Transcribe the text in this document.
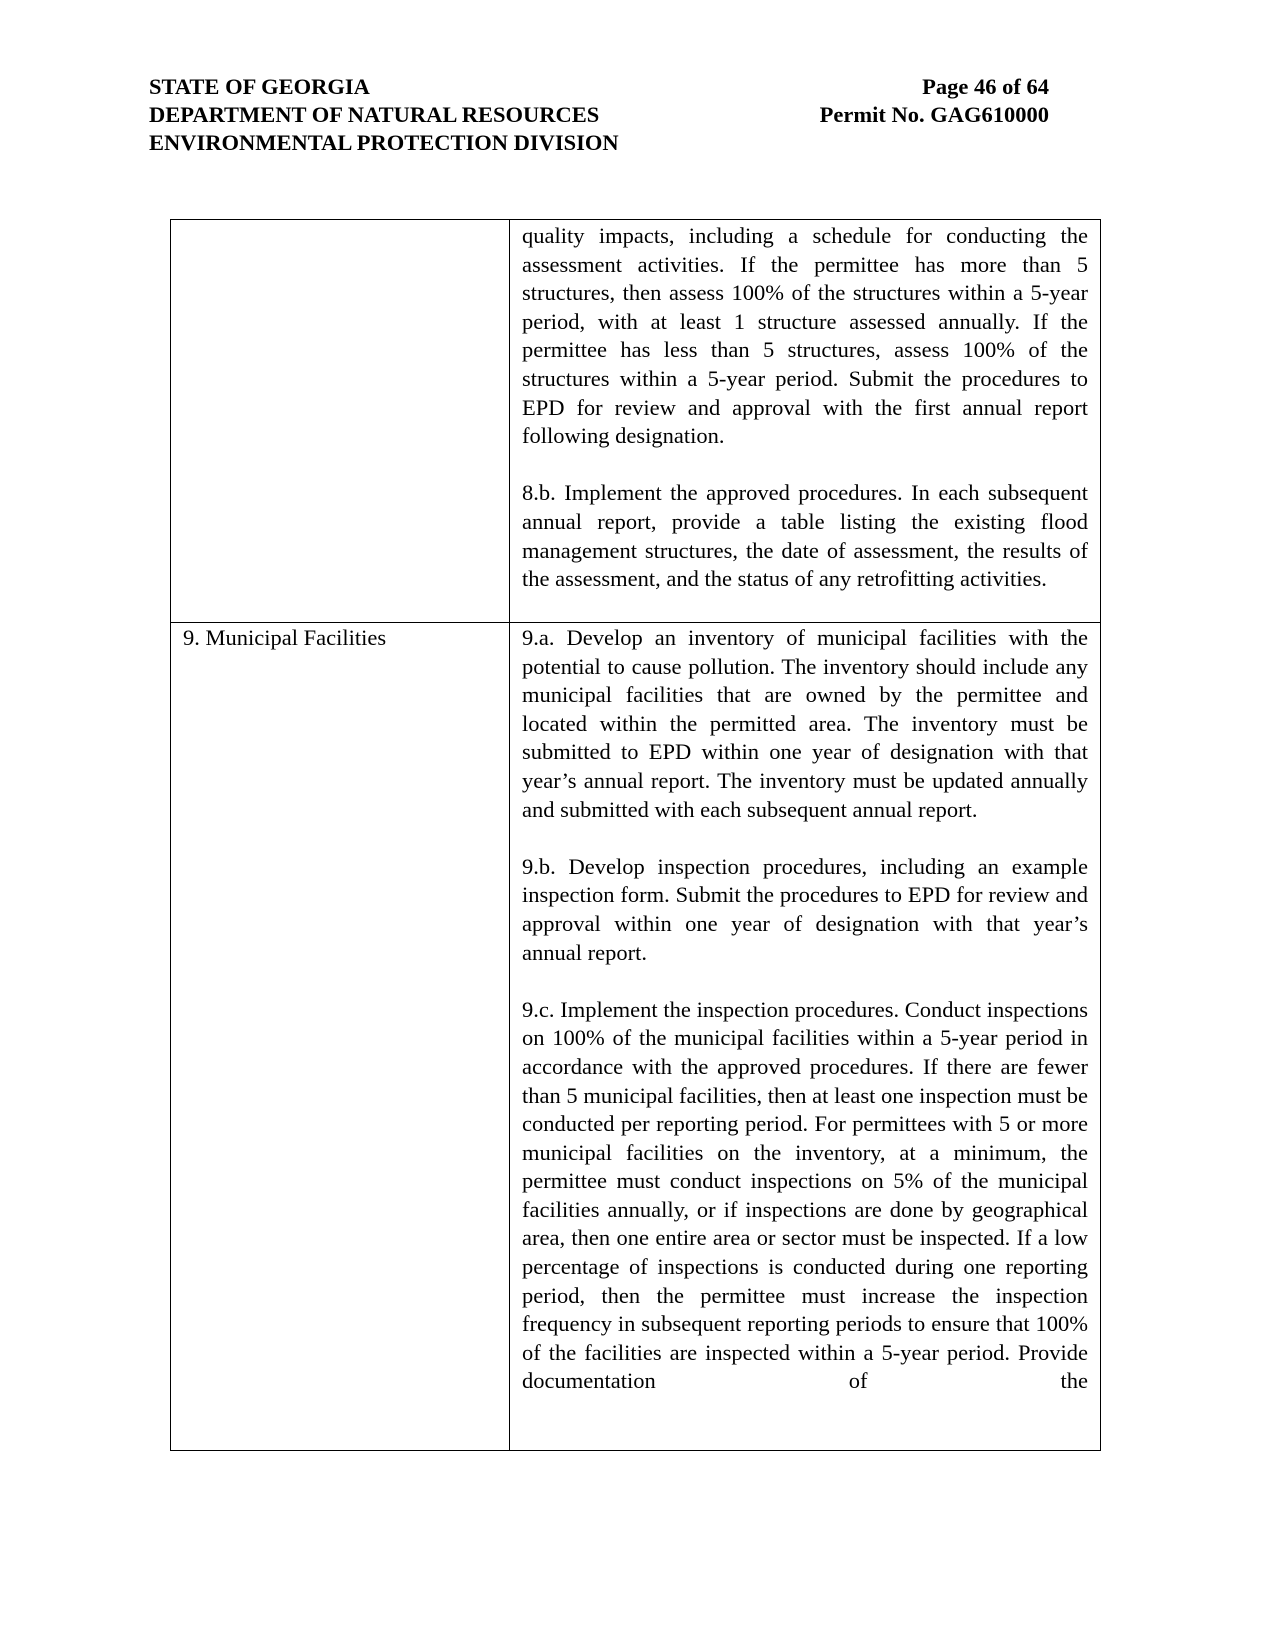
STATE OF GEORGIA
DEPARTMENT OF NATURAL RESOURCES
ENVIRONMENTAL PROTECTION DIVISION
Page 46 of 64
Permit No. GAG610000

	quality impacts, including a schedule for conducting the assessment activities. If the permittee has more than 5 structures, then assess 100% of the structures within a 5-year period, with at least 1 structure assessed annually. If the permittee has less than 5 structures, assess 100% of the structures within a 5-year period. Submit the procedures to EPD for review and approval with the first annual report following designation.
8.b. Implement the approved procedures. In each subsequent annual report, provide a table listing the existing flood management structures, the date of assessment, the results of the assessment, and the status of any retrofitting activities.

9. Municipal Facilities	9.a. Develop an inventory of municipal facilities with the potential to cause pollution. The inventory should include any municipal facilities that are owned by the permittee and located within the permitted area. The inventory must be submitted to EPD within one year of designation with that year’s annual report. The inventory must be updated annually and submitted with each subsequent annual report.
9.b. Develop inspection procedures, including an example inspection form. Submit the procedures to EPD for review and approval within one year of designation with that year’s annual report.
9.c. Implement the inspection procedures. Conduct inspections on 100% of the municipal facilities within a 5-year period in accordance with the approved procedures. If there are fewer than 5 municipal facilities, then at least one inspection must be conducted per reporting period. For permittees with 5 or more municipal facilities on the inventory, at a minimum, the permittee must conduct inspections on 5% of the municipal facilities annually, or if inspections are done by geographical area, then one entire area or sector must be inspected. If a low percentage of inspections is conducted during one reporting period, then the permittee must increase the inspection frequency in subsequent reporting periods to ensure that 100% of the facilities are inspected within a 5-year period. Provide documentation of the
